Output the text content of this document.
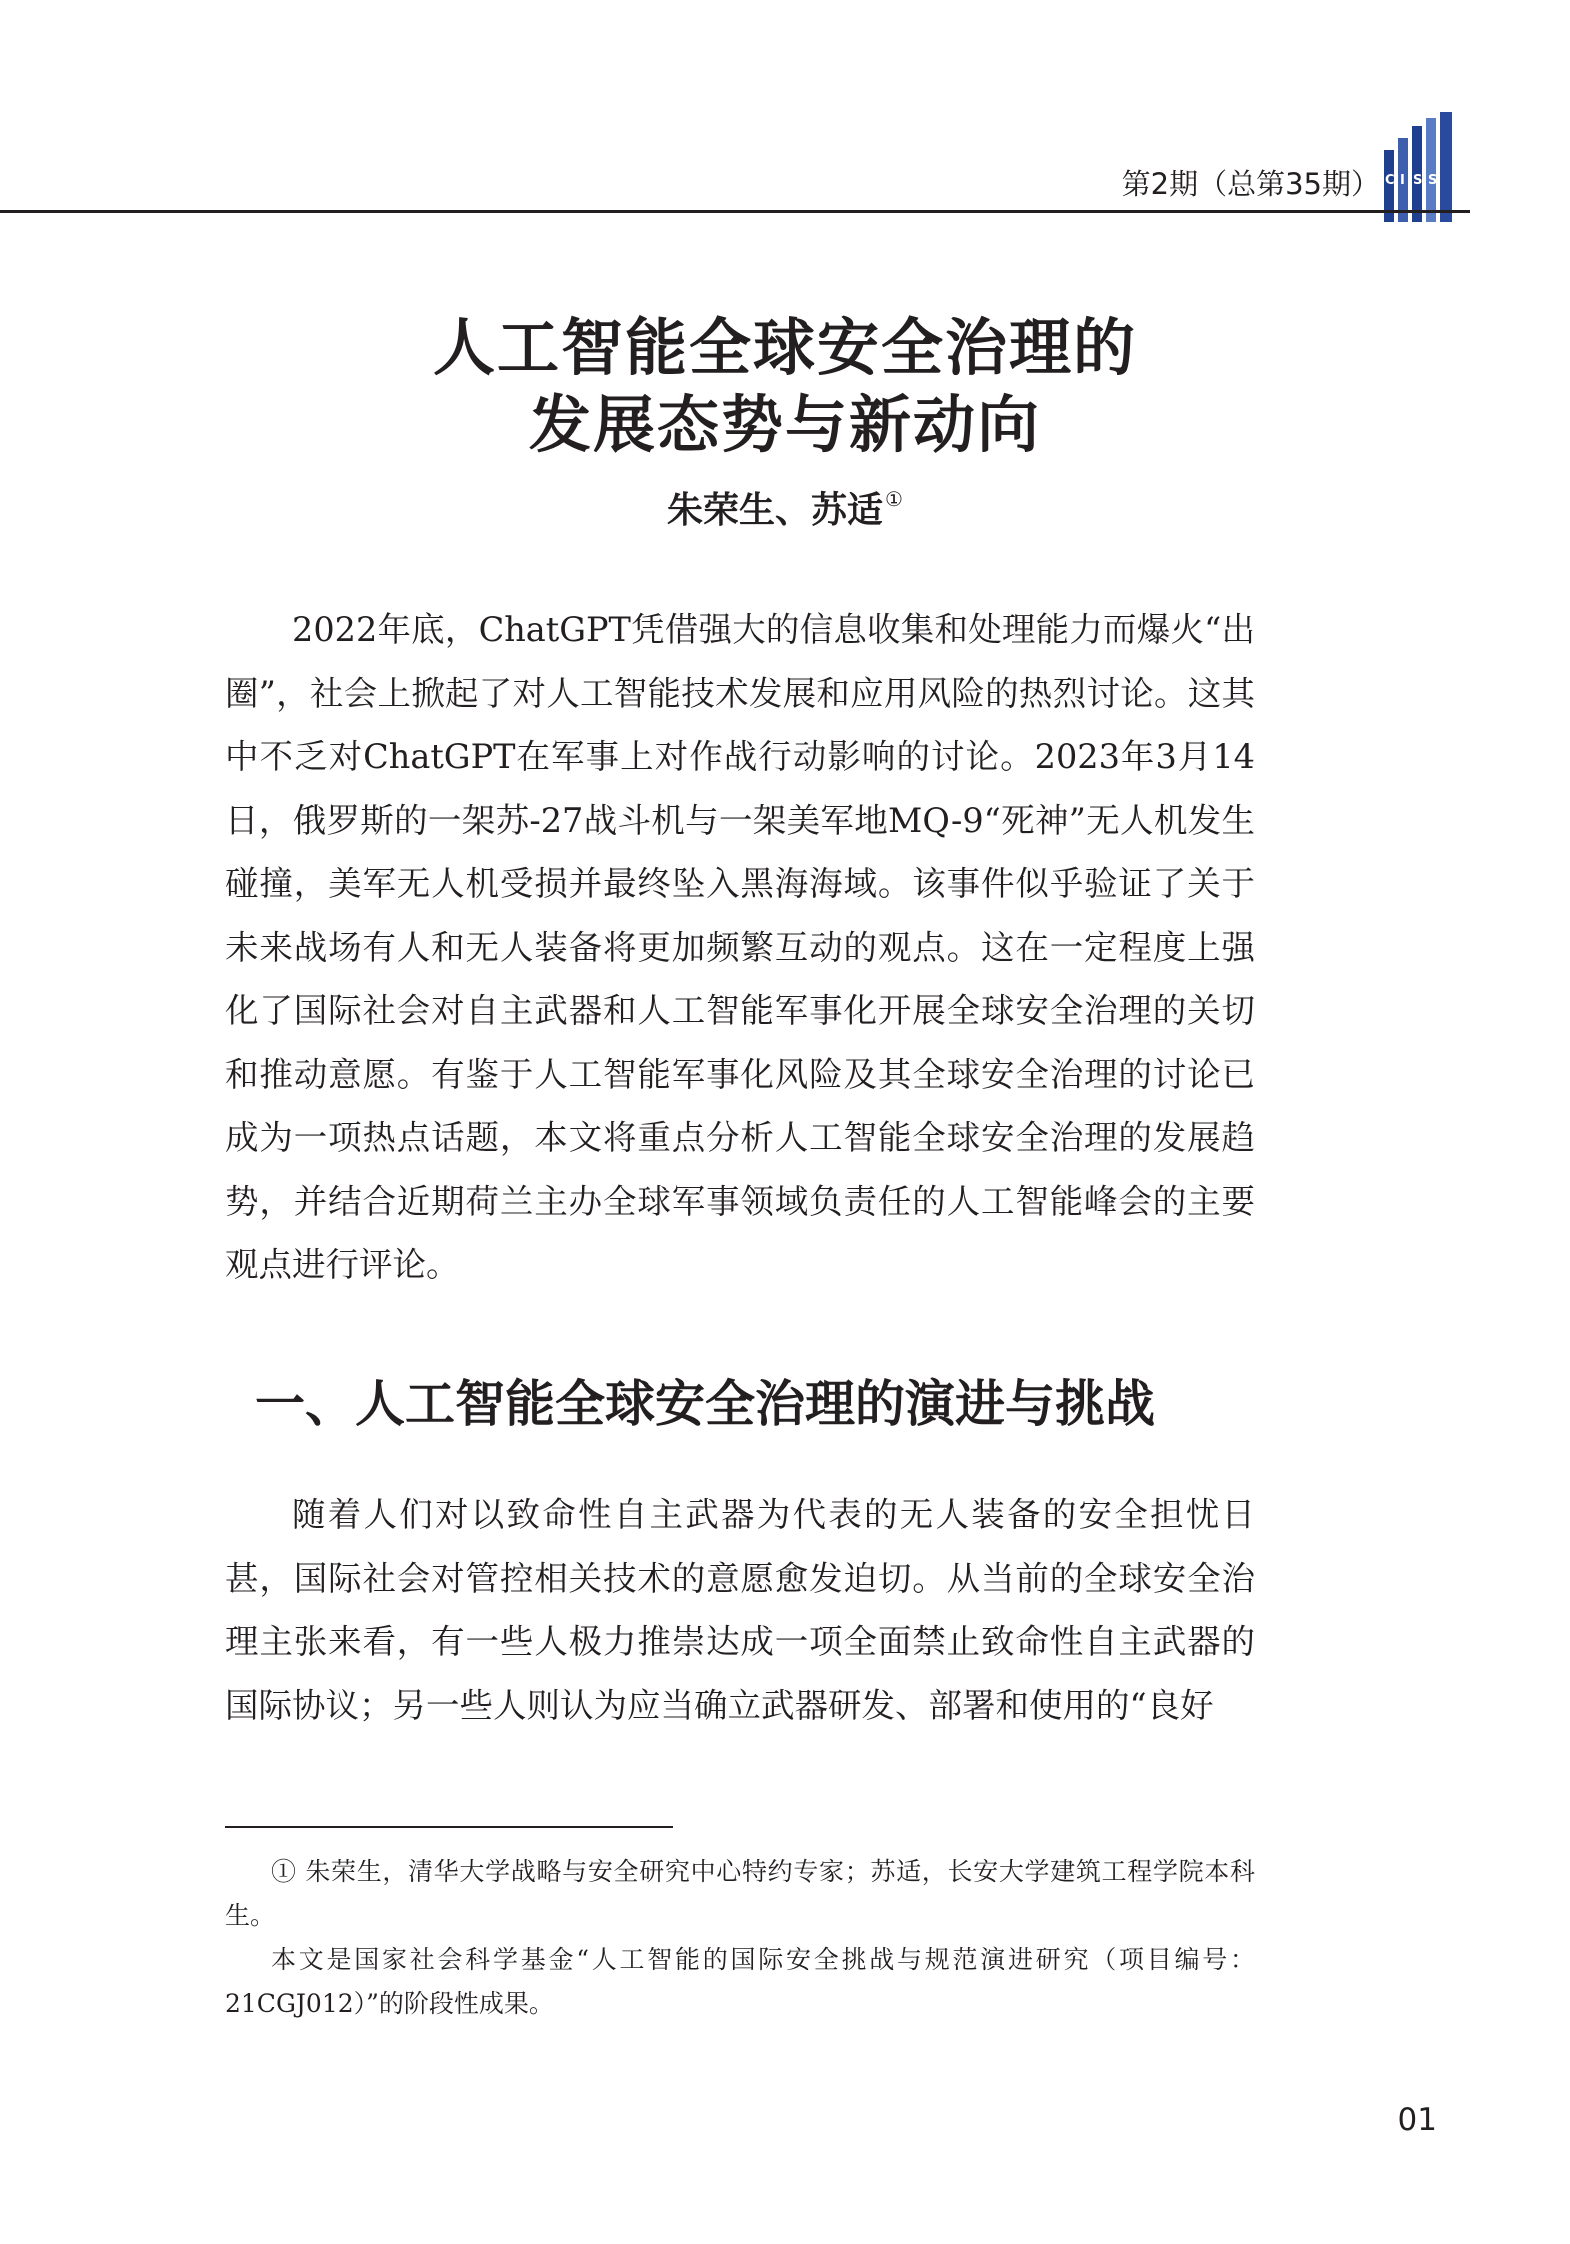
第2期（总第35期） C I S S
人工智能全球安全治理的
发展态势与新动向
朱荣生、苏适 ①

2022年底，ChatGPT凭借强大的信息收集和处理能力而爆火“出圈”，社会上掀起了对人工智能技术发展和应用风险的热烈讨论。这其中不乏对ChatGPT在军事上对作战行动影响的讨论。2023年3月14日，俄罗斯的一架苏-27战斗机与一架美军地MQ-9“死神”无人机发生碰撞，美军无人机受损并最终坠入黑海海域。该事件似乎验证了关于未来战场有人和无人装备将更加频繁互动的观点。这在一定程度上强化了国际社会对自主武器和人工智能军事化开展全球安全治理的关切和推动意愿。有鉴于人工智能军事化风险及其全球安全治理的讨论已成为一项热点话题，本文将重点分析人工智能全球安全治理的发展趋势，并结合近期荷兰主办全球军事领域负责任的人工智能峰会的主要观点进行评论。

一、人工智能全球安全治理的演进与挑战

随着人们对以致命性自主武器为代表的无人装备的安全担忧日甚，国际社会对管控相关技术的意愿愈发迫切。从当前的全球安全治理主张来看，有一些人极力推崇达成一项全面禁止致命性自主武器的国际协议；另一些人则认为应当确立武器研发、部署和使用的“良好

① 朱荣生，清华大学战略与安全研究中心特约专家；苏适，长安大学建筑工程学院本科生。

本文是国家社会科学基金“人工智能的国际安全挑战与规范演进研究（项目编号：21CGJ012）”的阶段性成果。

01
